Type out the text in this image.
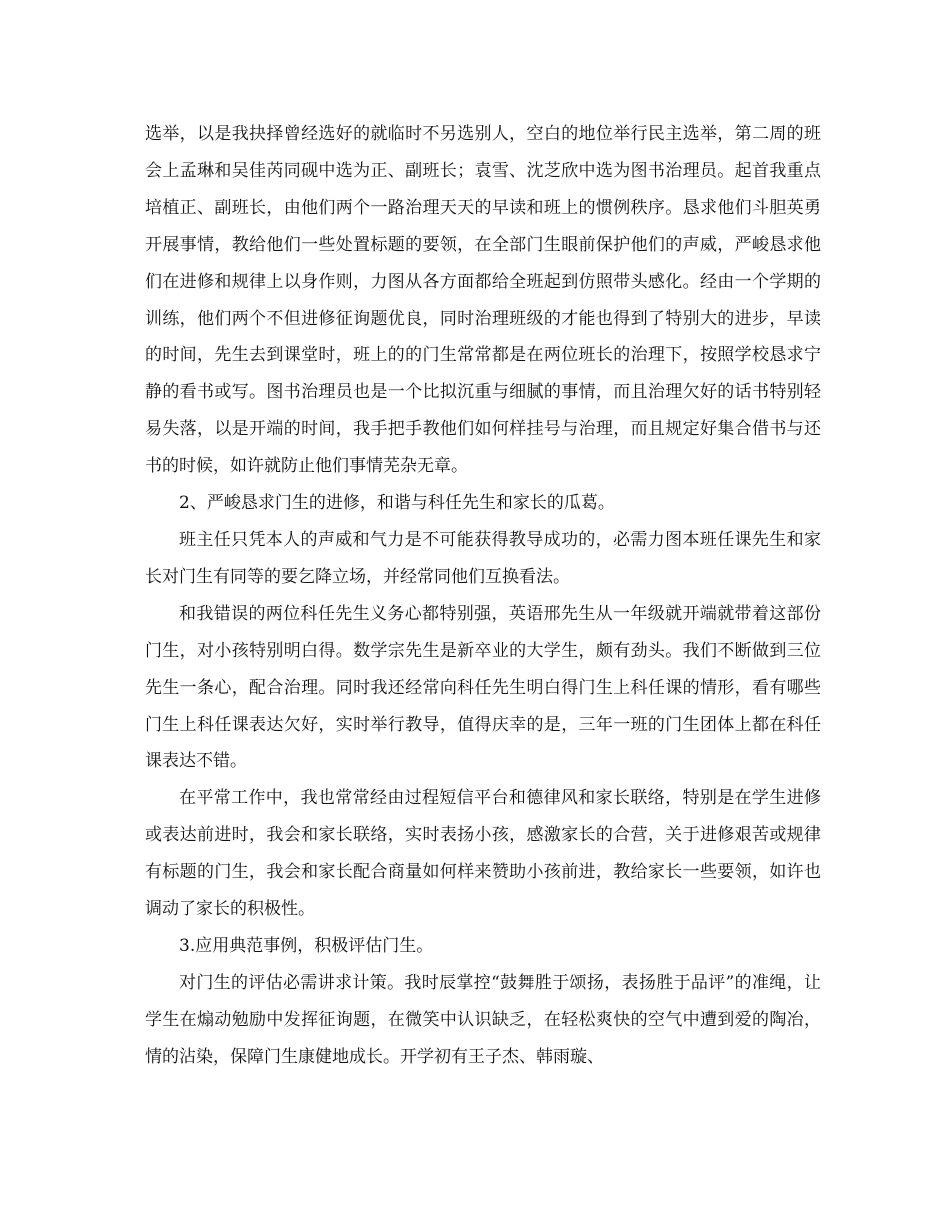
选举，以是我抉择曾经选好的就临时不另选别人，空白的地位举行民主选举，第二周的班会上孟琳和吴佳芮同砚中选为正、副班长；袁雪、沈芝欣中选为图书治理员。起首我重点培植正、副班长，由他们两个一路治理天天的早读和班上的惯例秩序。恳求他们斗胆英勇开展事情，教给他们一些处置标题的要领，在全部门生眼前保护他们的声威，严峻恳求他们在进修和规律上以身作则，力图从各方面都给全班起到仿照带头感化。经由一个学期的训练，他们两个不但进修征询题优良，同时治理班级的才能也得到了特别大的进步，早读的时间，先生去到课堂时，班上的的门生常常都是在两位班长的治理下，按照学校恳求宁静的看书或写。图书治理员也是一个比拟沉重与细腻的事情，而且治理欠好的话书特别轻易失落，以是开端的时间，我手把手教他们如何样挂号与治理，而且规定好集合借书与还书的时候，如许就防止他们事情芜杂无章。

2、严峻恳求门生的进修，和谐与科任先生和家长的瓜葛。

班主任只凭本人的声威和气力是不可能获得教导成功的，必需力图本班任课先生和家长对门生有同等的要乞降立场，并经常同他们互换看法。

和我错误的两位科任先生义务心都特别强，英语邢先生从一年级就开端就带着这部份门生，对小孩特别明白得。数学宗先生是新卒业的大学生，颇有劲头。我们不断做到三位先生一条心，配合治理。同时我还经常向科任先生明白得门生上科任课的情形，看有哪些门生上科任课表达欠好，实时举行教导，值得庆幸的是，三年一班的门生团体上都在科任课表达不错。

在平常工作中，我也常常经由过程短信平台和德律风和家长联络，特别是在学生进修或表达前进时，我会和家长联络，实时表扬小孩，感激家长的合营，关于进修艰苦或规律有标题的门生，我会和家长配合商量如何样来赞助小孩前进，教给家长一些要领，如许也调动了家长的积极性。

3.应用典范事例，积极评估门生。

对门生的评估必需讲求计策。我时辰掌控“鼓舞胜于颂扬，表扬胜于品评”的准绳，让学生在煽动勉励中发挥征询题，在微笑中认识缺乏，在轻松爽快的空气中遭到爱的陶冶，情的沾染，保障门生康健地成长。开学初有王子杰、韩雨璇、
